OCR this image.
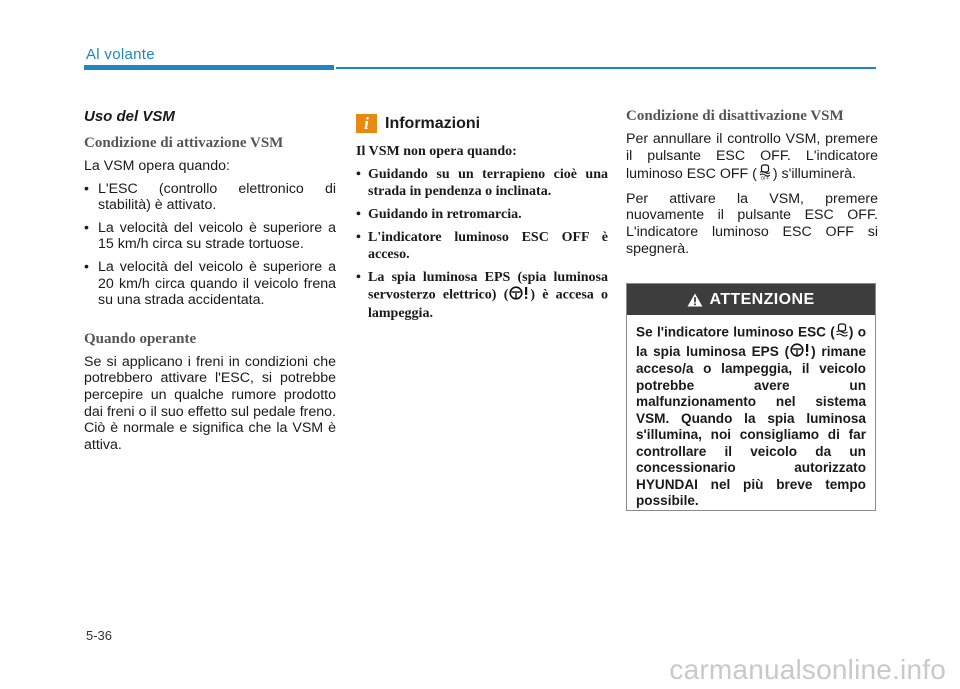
Al volante
Uso del VSM
Condizione di attivazione VSM

La VSM opera quando:

• L'ESC (controllo elettronico di stabilità) è attivato.
• La velocità del veicolo è superiore a 15 km/h circa su strade tortuose.
• La velocità del veicolo è superiore a 20 km/h circa quando il veicolo frena su una strada accidentata.
Quando operante

Se si applicano i freni in condizioni che potrebbero attivare l'ESC, si potrebbe percepire un qualche rumore prodotto dai freni o il suo effetto sul pedale freno. Ciò è normale e significa che la VSM è attiva.

i	Informazioni

Il VSM non opera quando:

• Guidando su un terrapieno cioè una strada in pendenza o inclinata.
• Guidando in retromarcia.
• L'indicatore luminoso ESC OFF è acceso.
• La spia luminosa EPS (spia luminosa servosterzo elettrico) ( ) è accesa o lampeggia.
Condizione di disattivazione VSM

Per annullare il controllo VSM, premere il pulsante ESC OFF. L'indicatore luminoso ESC OFF ( OFF ) s'illuminerà.

Per attivare la VSM, premere nuovamente il pulsante ESC OFF. L'indicatore luminoso ESC OFF si spegnerà.

ATTENZIONE
Se l'indicatore luminoso ESC ( ) o la spia luminosa EPS ( ) rimane acceso/a o lampeggia, il veicolo potrebbe avere un malfunzionamento nel sistema VSM. Quando la spia luminosa s'illumina, noi consigliamo di far controllare il veicolo da un concessionario autorizzato HYUNDAI nel più breve tempo possibile.
5-36
carmanualsonline.info
